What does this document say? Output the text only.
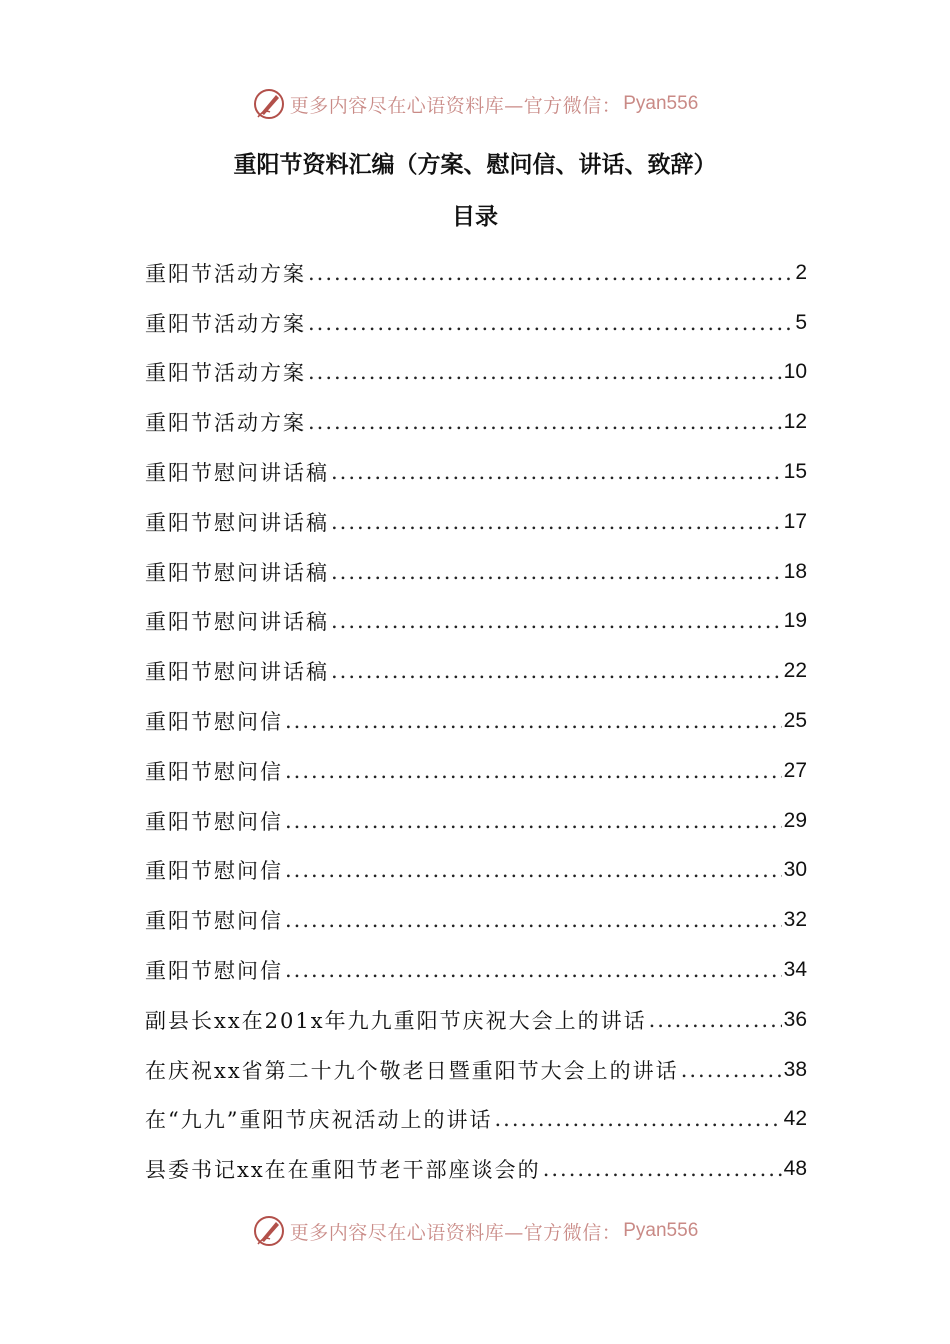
更多内容尽在心语资料库—官方微信： Pyan556
重阳节资料汇编（方案、慰问信、讲话、致辞）
目录
重阳节活动方案 .....	2
重阳节活动方案 .....	5
重阳节活动方案 .....	10
重阳节活动方案 .....	12
重阳节慰问讲话稿 .....	15
重阳节慰问讲话稿 .....	17
重阳节慰问讲话稿 .....	18
重阳节慰问讲话稿 .....	19
重阳节慰问讲话稿 .....	22
重阳节慰问信 .....	25
重阳节慰问信 .....	27
重阳节慰问信 .....	29
重阳节慰问信 .....	30
重阳节慰问信 .....	32
重阳节慰问信 .....	34
副县长xx在201x年九九重阳节庆祝大会上的讲话 .....	36
在庆祝xx省第二十九个敬老日暨重阳节大会上的讲话 .....	38
在“九九”重阳节庆祝活动上的讲话 .....	42
县委书记xx在在重阳节老干部座谈会的 .....	48
更多内容尽在心语资料库—官方微信： Pyan556
